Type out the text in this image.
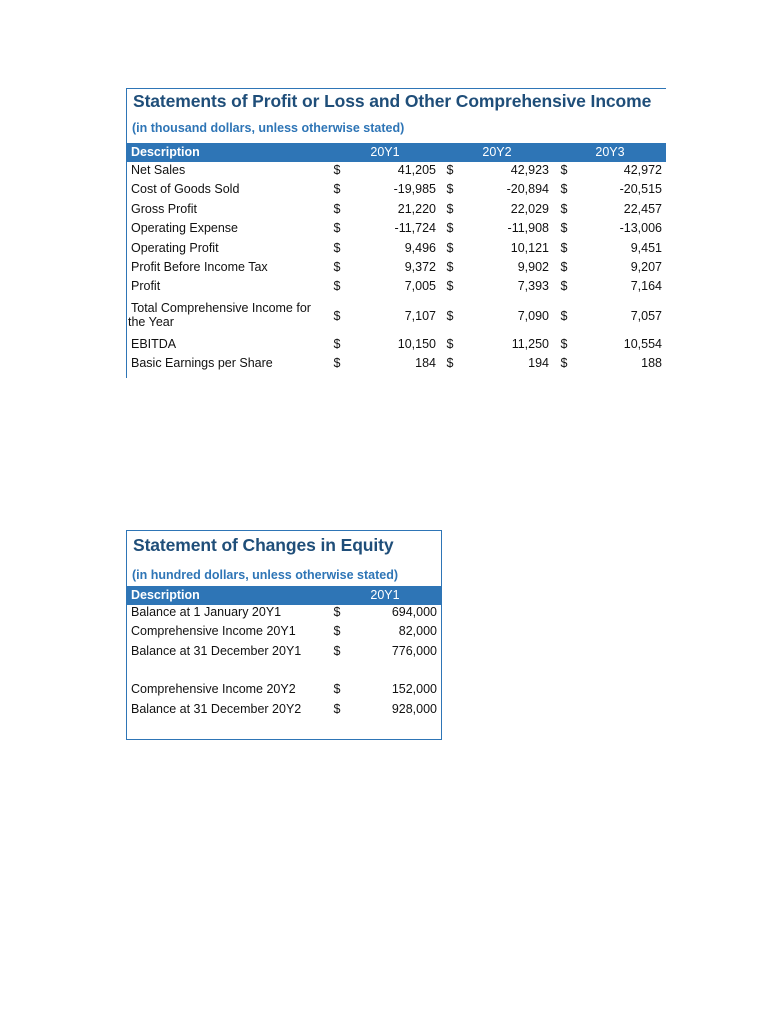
Statements of Profit or Loss and Other Comprehensive Income
(in thousand dollars, unless otherwise stated)
Description	20Y1	20Y2	20Y3
Net Sales	$	41,205 $	42,923 $	42,972
Cost of Goods Sold	$	-19,985 $	-20,894 $	-20,515
Gross Profit	$	21,220 $	22,029 $	22,457
Operating Expense	$	-11,724 $	-11,908 $	-13,006
Operating Profit	$	9,496 $	10,121 $	9,451
Profit Before Income Tax	$	9,372 $	9,902 $	9,207
Profit	$	7,005 $	7,393 $	7,164
Total Comprehensive Income for the Year	$	7,107 $	7,090 $	7,057
EBITDA	$	10,150 $	11,250 $	10,554
Basic Earnings per Share	$	184 $	194 $	188
Statement of Changes in Equity
(in hundred dollars, unless otherwise stated)
Description	20Y1
Balance at 1 January 20Y1	$	694,000
Comprehensive Income 20Y1	$	82,000
Balance at 31 December 20Y1	$	776,000
Comprehensive Income 20Y2	$	152,000
Balance at 31 December 20Y2	$	928,000
